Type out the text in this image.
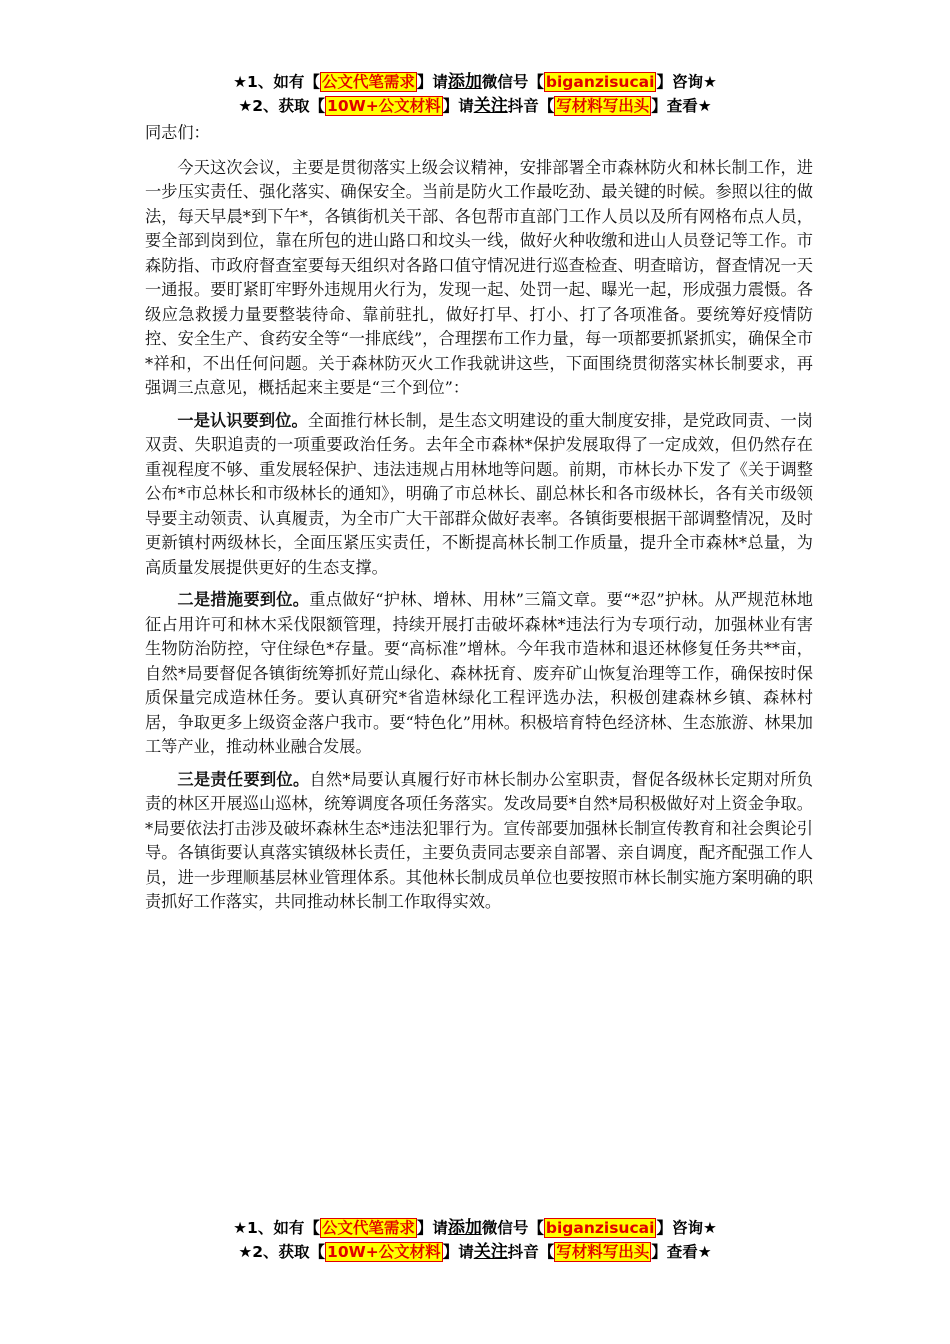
★1、如有【 公文代笔需求 】请添加微信号【 biganzisucai 】咨询★
★2、获取【 10W+公文材料 】请关注抖音【 写材料写出头 】查看★

同志们：

今天这次会议，主要是贯彻落实上级会议精神，安排部署全市森林防火和林长制工作，进一步压实责任、强化落实、确保安全。当前是防火工作最吃劲、最关键的时候。参照以往的做法，每天早晨*到下午*，各镇街机关干部、各包帮市直部门工作人员以及所有网格布点人员，要全部到岗到位，靠在所包的进山路口和坟头一线，做好火种收缴和进山人员登记等工作。市森防指、市政府督查室要每天组织对各路口值守情况进行巡查检查、明查暗访，督查情况一天一通报。要盯紧盯牢野外违规用火行为，发现一起、处罚一起、曝光一起，形成强力震慑。各级应急救援力量要整装待命、靠前驻扎，做好打早、打小、打了各项准备。要统筹好疫情防控、安全生产、食药安全等“一排底线”，合理摆布工作力量，每一项都要抓紧抓实，确保全市*祥和，不出任何问题。关于森林防灭火工作我就讲这些，下面围绕贯彻落实林长制要求，再强调三点意见，概括起来主要是“三个到位”：

一是认识要到位。全面推行林长制，是生态文明建设的重大制度安排，是党政同责、一岗双责、失职追责的一项重要政治任务。去年全市森林*保护发展取得了一定成效，但仍然存在重视程度不够、重发展轻保护、违法违规占用林地等问题。前期，市林长办下发了《关于调整公布*市总林长和市级林长的通知》，明确了市总林长、副总林长和各市级林长，各有关市级领导要主动领责、认真履责，为全市广大干部群众做好表率。各镇街要根据干部调整情况，及时更新镇村两级林长，全面压紧压实责任，不断提高林长制工作质量，提升全市森林*总量，为高质量发展提供更好的生态支撑。

二是措施要到位。重点做好“护林、增林、用林”三篇文章。要“*忍”护林。从严规范林地征占用许可和林木采伐限额管理，持续开展打击破坏森林*违法行为专项行动，加强林业有害生物防治防控，守住绿色*存量。要“高标准”增林。今年我市造林和退还林修复任务共**亩，自然*局要督促各镇街统筹抓好荒山绿化、森林抚育、废弃矿山恢复治理等工作，确保按时保质保量完成造林任务。要认真研究*省造林绿化工程评选办法，积极创建森林乡镇、森林村居，争取更多上级资金落户我市。要“特色化”用林。积极培育特色经济林、生态旅游、林果加工等产业，推动林业融合发展。

三是责任要到位。自然*局要认真履行好市林长制办公室职责，督促各级林长定期对所负责的林区开展巡山巡林，统筹调度各项任务落实。发改局要*自然*局积极做好对上资金争取。*局要依法打击涉及破坏森林生态*违法犯罪行为。宣传部要加强林长制宣传教育和社会舆论引导。各镇街要认真落实镇级林长责任，主要负责同志要亲自部署、亲自调度，配齐配强工作人员，进一步理顺基层林业管理体系。其他林长制成员单位也要按照市林长制实施方案明确的职责抓好工作落实，共同推动林长制工作取得实效。

★1、如有【 公文代笔需求 】请添加微信号【 biganzisucai 】咨询★
★2、获取【 10W+公文材料 】请关注抖音【 写材料写出头 】查看★
